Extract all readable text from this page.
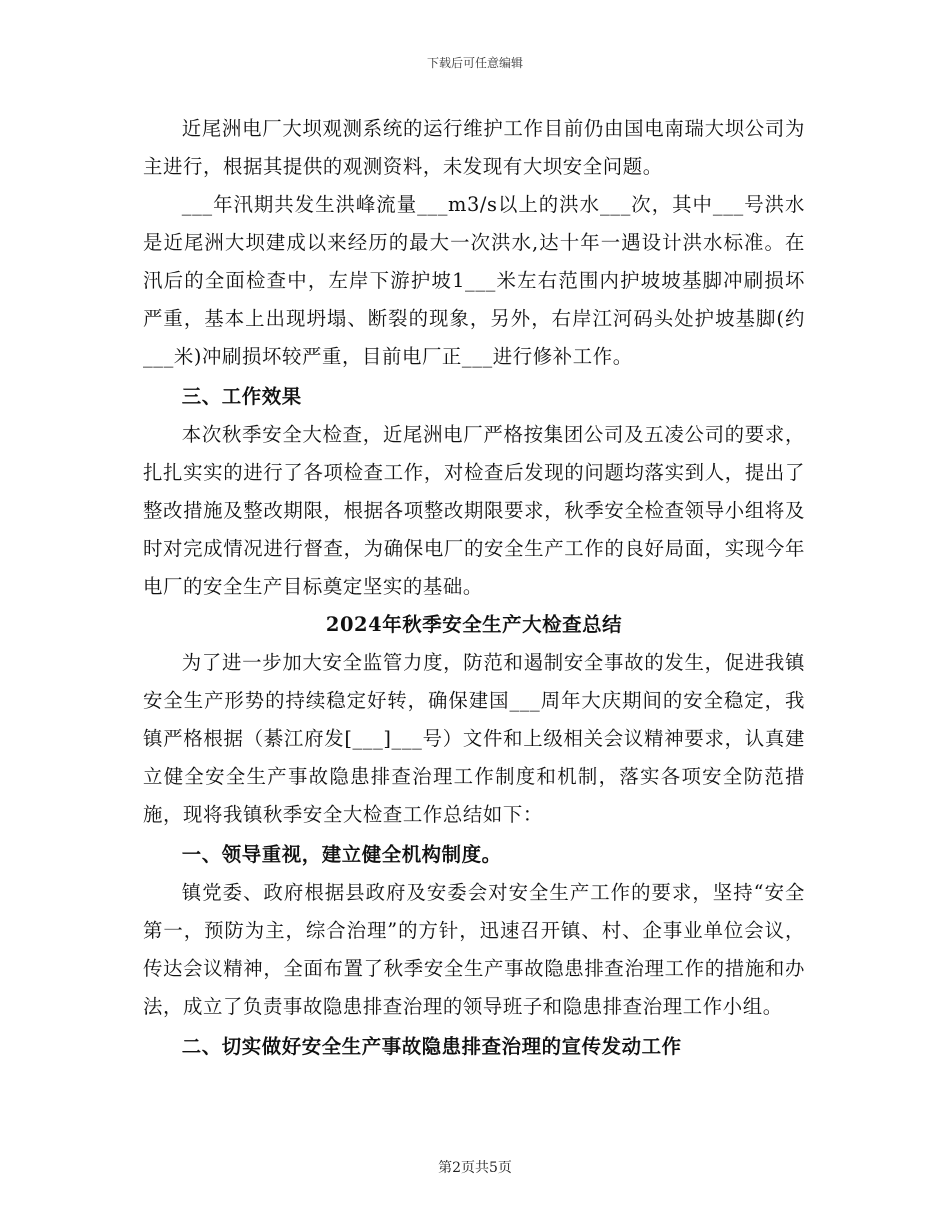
下载后可任意编辑

近尾洲电厂大坝观测系统的运行维护工作目前仍由国电南瑞大坝公司为主进行，根据其提供的观测资料，未发现有大坝安全问题。

___年汛期共发生洪峰流量___m3/s以上的洪水___次，其中___号洪水是近尾洲大坝建成以来经历的最大一次洪水,达十年一遇设计洪水标准。在汛后的全面检查中，左岸下游护坡1___米左右范围内护坡坡基脚冲刷损坏严重，基本上出现坍塌、断裂的现象，另外，右岸江河码头处护坡基脚(约___米)冲刷损坏较严重，目前电厂正___进行修补工作。

三、工作效果

本次秋季安全大检查，近尾洲电厂严格按集团公司及五凌公司的要求，扎扎实实的进行了各项检查工作，对检查后发现的问题均落实到人，提出了整改措施及整改期限，根据各项整改期限要求，秋季安全检查领导小组将及时对完成情况进行督查，为确保电厂的安全生产工作的良好局面，实现今年电厂的安全生产目标奠定坚实的基础。

2024年秋季安全生产大检查总结

为了进一步加大安全监管力度，防范和遏制安全事故的发生，促进我镇安全生产形势的持续稳定好转，确保建国___周年大庆期间的安全稳定，我镇严格根据（綦江府发[___]___号）文件和上级相关会议精神要求，认真建立健全安全生产事故隐患排查治理工作制度和机制，落实各项安全防范措施，现将我镇秋季安全大检查工作总结如下：

一、领导重视，建立健全机构制度。

镇党委、政府根据县政府及安委会对安全生产工作的要求，坚持“安全第一，预防为主，综合治理”的方针，迅速召开镇、村、企事业单位会议，传达会议精神，全面布置了秋季安全生产事故隐患排查治理工作的措施和办法，成立了负责事故隐患排查治理的领导班子和隐患排查治理工作小组。

二、切实做好安全生产事故隐患排查治理的宣传发动工作

第2页共5页
